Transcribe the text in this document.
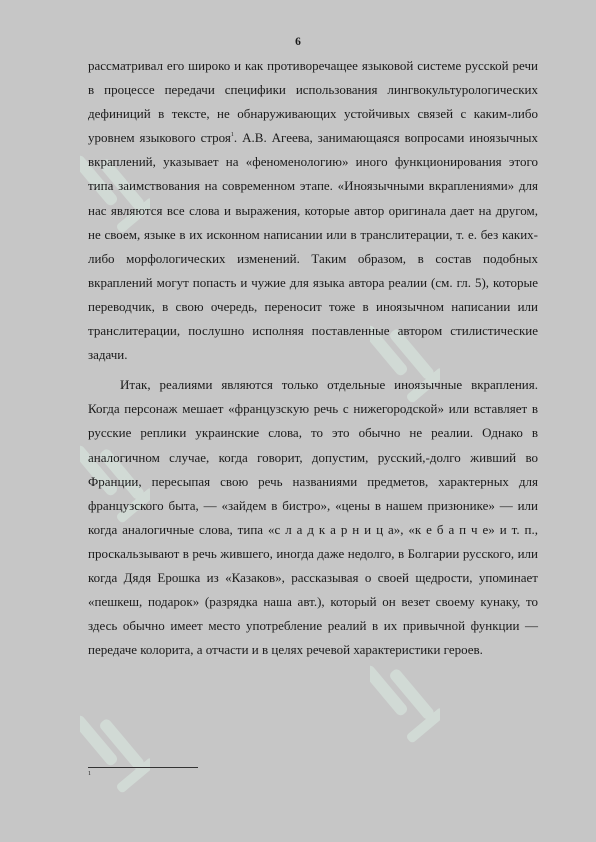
6

рассматривал его широко и как противоречащее языковой системе русской речи в процессе передачи специфики использования лингвокультурологических дефиниций в тексте, не обнаруживающих устойчивых связей с каким-либо уровнем языкового строя$^1$. А.В. Агеева, занимающаяся вопросами иноязычных вкраплений, указывает на «феноменологию» иного функционирования этого типа заимствования на современном этапе. «Иноязычными вкраплениями» для нас являются все слова и выражения, которые автор оригинала дает на другом, не своем, языке в их исконном написании или в транслитерации, т. е. без каких-либо морфологических изменений. Таким образом, в состав подобных вкраплений могут попасть и чужие для языка автора реалии (см. гл. 5), которые переводчик, в свою очередь, переносит тоже в иноязычном написании или транслитерации, послушно исполняя поставленные автором стилистические задачи.

Итак, реалиями являются только отдельные иноязычные вкрапления. Когда персонаж мешает «французскую речь с нижегородской» или вставляет в русские реплики украинские слова, то это обычно не реалии. Однако в аналогичном случае, когда говорит, допустим, русский,-долго живший во Франции, пересыпая свою речь названиями предметов, характерных для французского быта, — «зайдем в бистро», «цены в нашем призюнике» — или когда аналогичные слова, типа «с л а д к а р н и ц а», «к е б а п ч е» и т. п., проскальзывают в речь жившего, иногда даже недолго, в Болгарии русского, или когда Дядя Ерошка из «Казаков», рассказывая о своей щедрости, упоминает «пешкеш, подарок» (разрядка наша авт.), который он везет своему кунаку, то здесь обычно имеет место употребление реалий в их привычной функции — передаче колорита, а отчасти и в целях речевой характеристики героев.

1
